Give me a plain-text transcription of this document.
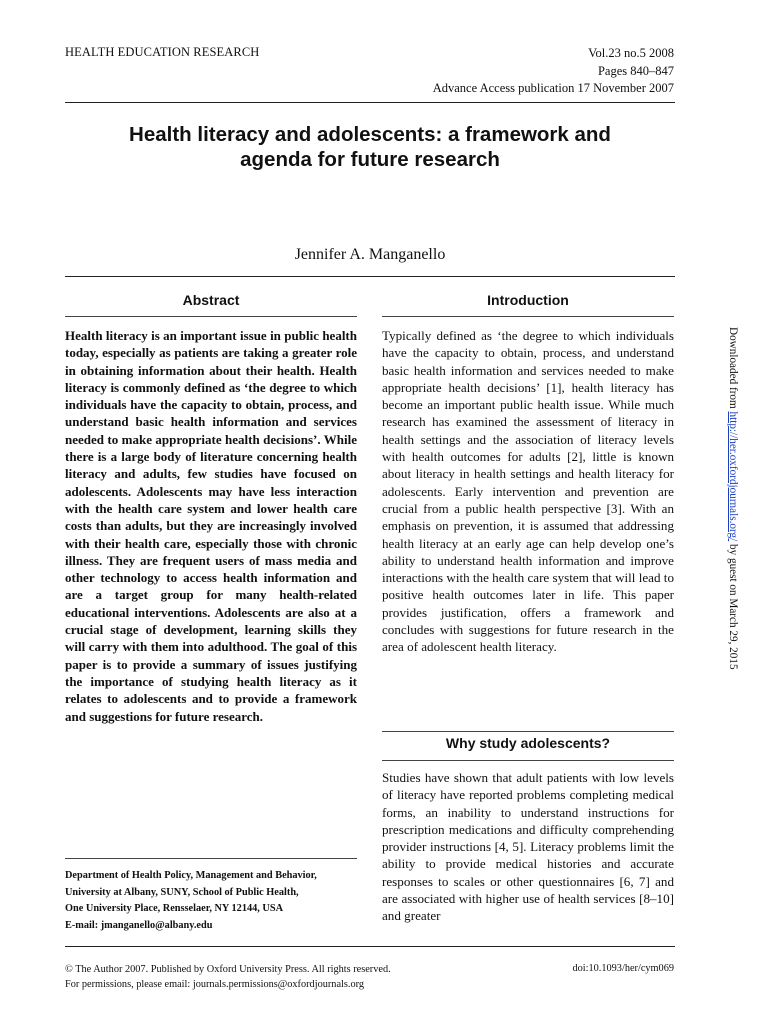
HEALTH EDUCATION RESEARCH	Vol.23 no.5 2008
Pages 840–847
Advance Access publication 17 November 2007
Health literacy and adolescents: a framework and
agenda for future research
Jennifer A. Manganello
Abstract
Health literacy is an important issue in public health today, especially as patients are taking a greater role in obtaining information about their health. Health literacy is commonly defined as ‘the degree to which individuals have the capacity to obtain, process, and understand basic health information and services needed to make appropriate health decisions’. While there is a large body of literature concerning health literacy and adults, few studies have focused on adolescents. Adolescents may have less interaction with the health care system and lower health care costs than adults, but they are increasingly involved with their health care, especially those with chronic illness. They are frequent users of mass media and other technology to access health information and are a target group for many health-related educational interventions. Adolescents are also at a crucial stage of development, learning skills they will carry with them into adulthood. The goal of this paper is to provide a summary of issues justifying the importance of studying health literacy as it relates to adolescents and to provide a framework and suggestions for future research.
Department of Health Policy, Management and Behavior,
University at Albany, SUNY, School of Public Health,
One University Place, Rensselaer, NY 12144, USA
E-mail: jmanganello@albany.edu
Introduction
Typically defined as ‘the degree to which individuals have the capacity to obtain, process, and understand basic health information and services needed to make appropriate health decisions’ [1], health literacy has become an important public health issue. While much research has examined the assessment of literacy in health settings and the association of literacy levels with health outcomes for adults [2], little is known about literacy in health settings and health literacy for adolescents. Early intervention and prevention are crucial from a public health perspective [3]. With an emphasis on prevention, it is assumed that addressing health literacy at an early age can help develop one’s ability to understand health information and improve interactions with the health care system that will lead to positive health outcomes later in life. This paper provides justification, offers a framework and concludes with suggestions for future research in the area of adolescent health literacy.
Why study adolescents?
Studies have shown that adult patients with low levels of literacy have reported problems completing medical forms, an inability to understand instructions for prescription medications and difficulty comprehending provider instructions [4, 5]. Literacy problems limit the ability to provide medical histories and accurate responses to scales or other questionnaires [6, 7] and are associated with higher use of health services [8–10] and greater
© The Author 2007. Published by Oxford University Press. All rights reserved.
For permissions, please email: journals.permissions@oxfordjournals.org
doi:10.1093/her/cym069
Downloaded from http://her.oxfordjournals.org/ by guest on March 29, 2015
